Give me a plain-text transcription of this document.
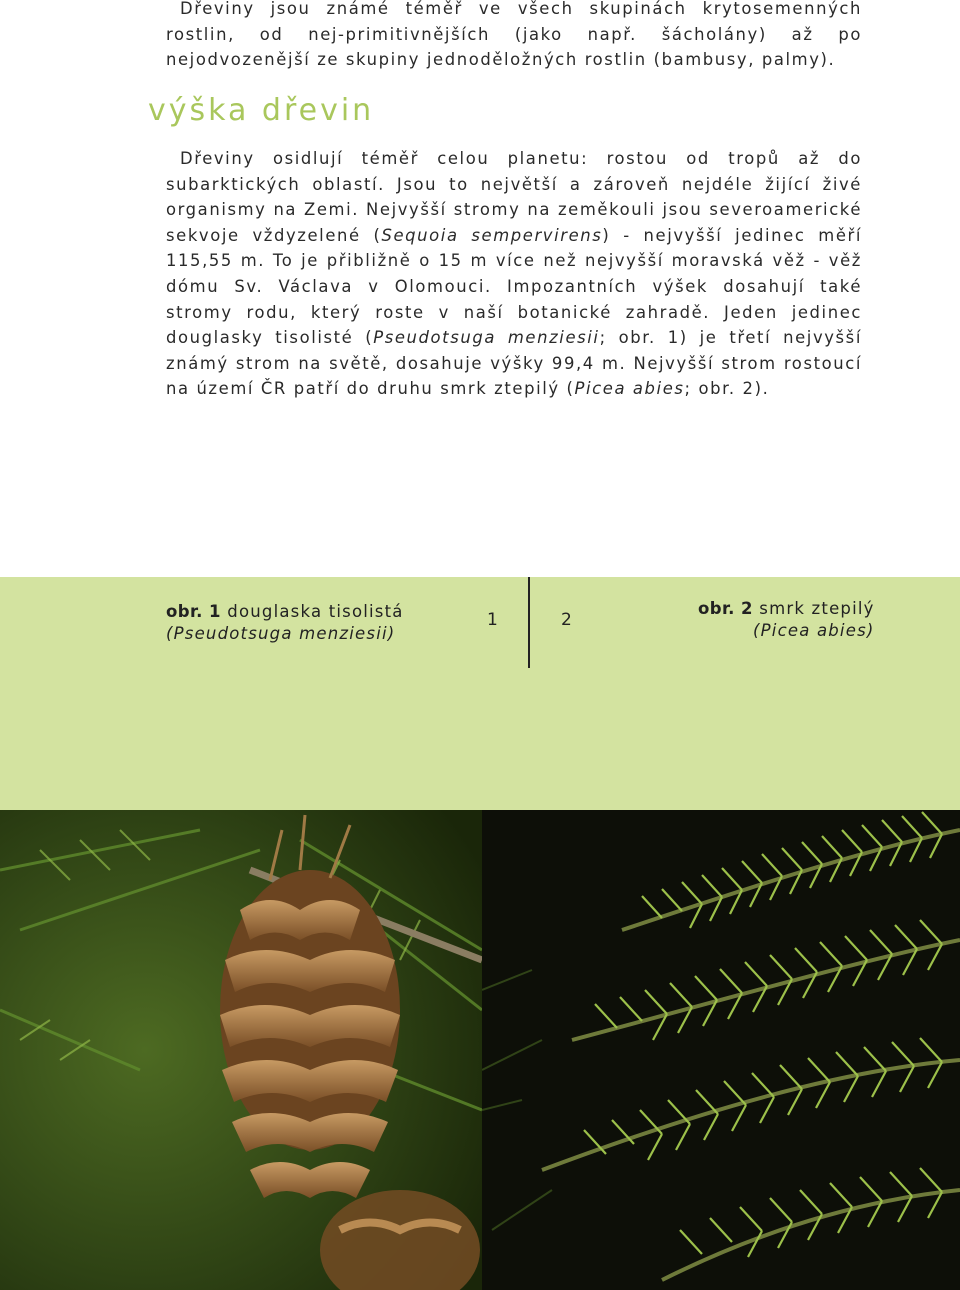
Dřeviny jsou známé téměř ve všech skupinách krytosemenných rostlin, od nej-primitivnějších (jako např. šácholány) až po nejodvozenější ze skupiny jednoděložných rostlin (bambusy, palmy).

výška dřevin

Dřeviny osidlují téměř celou planetu: rostou od tropů až do subarktických oblastí. Jsou to největší a zároveň nejdéle žijící živé organismy na Zemi. Nejvyšší stromy na zeměkouli jsou severoamerické sekvoje vždyzelené (Sequoia sempervirens) - nejvyšší jedinec měří 115,55 m. To je přibližně o 15 m více než nejvyšší moravská věž - věž dómu Sv. Václava v Olomouci. Impozantních výšek dosahují také stromy rodu, který roste v naší botanické zahradě. Jeden jedinec douglasky tisolisté (Pseudotsuga menziesii; obr. 1) je třetí nejvyšší známý strom na světě, dosahuje výšky 99,4 m. Nejvyšší strom rostoucí na území ČR patří do druhu smrk ztepilý (Picea abies; obr. 2).

obr. 1 douglaska tisolistá
(Pseudotsuga menziesii)
1	2
obr. 2 smrk ztepilý
(Picea abies)
